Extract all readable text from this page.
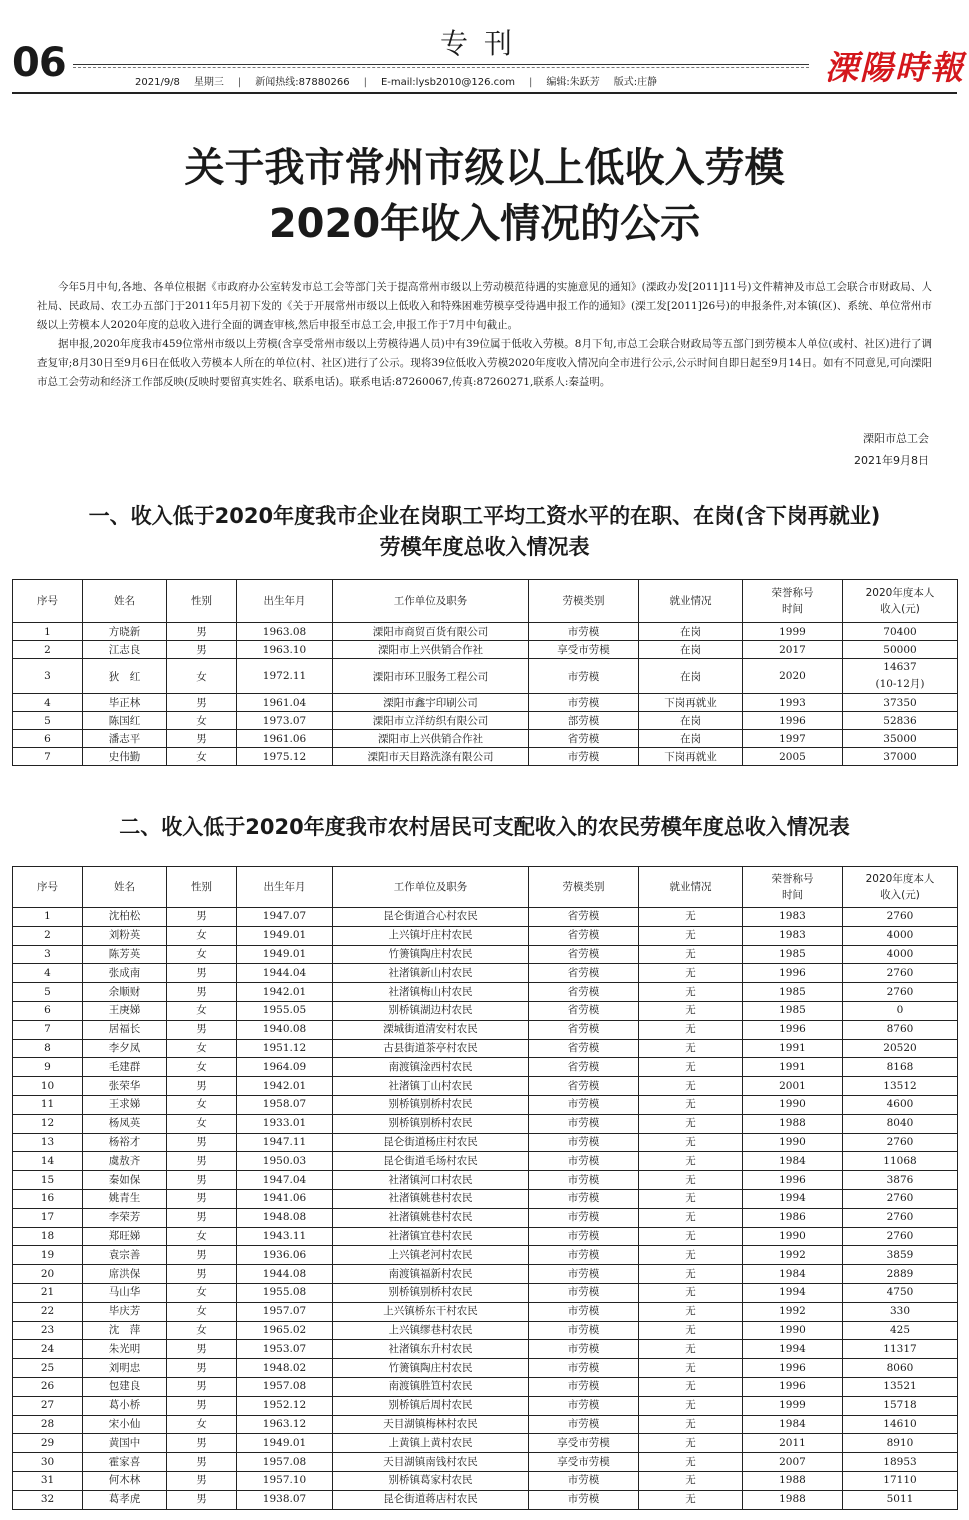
06	专刊
2021/9/8 星期三 | 新闻热线:87880266 | E-mail:lysb2010@126.com | 编辑:朱跃芳 版式:庄静	溧陽時報
关于我市常州市级以上低收入劳模
2020年收入情况的公示

今年5月中旬,各地、各单位根据《市政府办公室转发市总工会等部门关于提高常州市级以上劳动模范待遇的实施意见的通知》(溧政办发[2011]11号)文件精神及市总工会联合市财政局、人社局、民政局、农工办五部门于2011年5月初下发的《关于开展常州市级以上低收入和特殊困难劳模享受待遇申报工作的通知》(溧工发[2011]26号)的申报条件,对本镇(区)、系统、单位常州市级以上劳模本人2020年度的总收入进行全面的调查审核,然后申报至市总工会,申报工作于7月中旬截止。

据申报,2020年度我市459位常州市级以上劳模(含享受常州市级以上劳模待遇人员)中有39位属于低收入劳模。8月下旬,市总工会联合财政局等五部门到劳模本人单位(或村、社区)进行了调查复审;8月30日至9月6日在低收入劳模本人所在的单位(村、社区)进行了公示。现将39位低收入劳模2020年度收入情况向全市进行公示,公示时间自即日起至9月14日。如有不同意见,可向溧阳市总工会劳动和经济工作部反映(反映时要留真实姓名、联系电话)。联系电话:87260067,传真:87260271,联系人:秦益明。

溧阳市总工会
2021年9月8日
一、收入低于2020年度我市企业在岗职工平均工资水平的在职、在岗(含下岗再就业)
劳模年度总收入情况表
序号	姓名	性别	出生年月	工作单位及职务	劳模类别	就业情况	荣誉称号
时间	2020年度本人
收入(元)

1	方晓新	男	1963.08	溧阳市商贸百货有限公司	市劳模	在岗	1999	70400
2	江志良	男	1963.10	溧阳市上兴供销合作社	享受市劳模	在岗	2017	50000
3	狄　红	女	1972.11	溧阳市环卫服务工程公司	市劳模	在岗	2020	14637
(10-12月)

4	毕正林	男	1961.04	溧阳市鑫宇印刷公司	市劳模	下岗再就业	1993	37350
5	陈国红	女	1973.07	溧阳市立洋纺织有限公司	部劳模	在岗	1996	52836
6	潘志平	男	1961.06	溧阳市上兴供销合作社	省劳模	在岗	1997	35000
7	史伟勤	女	1975.12	溧阳市天目路洗涤有限公司	市劳模	下岗再就业	2005	37000
二、收入低于2020年度我市农村居民可支配收入的农民劳模年度总收入情况表
序号	姓名	性别	出生年月	工作单位及职务	劳模类别	就业情况	荣誉称号
时间	2020年度本人
收入(元)

1	沈柏松	男	1947.07	昆仑街道合心村农民	省劳模	无	1983	2760
2	刘粉英	女	1949.01	上兴镇圩庄村农民	省劳模	无	1983	4000
3	陈芳英	女	1949.01	竹箦镇陶庄村农民	省劳模	无	1985	4000
4	张成南	男	1944.04	社渚镇新山村农民	省劳模	无	1996	2760
5	余顺财	男	1942.01	社渚镇梅山村农民	省劳模	无	1985	2760
6	王庚娣	女	1955.05	别桥镇湖边村农民	省劳模	无	1985	0
7	居福长	男	1940.08	溧城街道清安村农民	省劳模	无	1996	8760
8	李夕凤	女	1951.12	古县街道茶亭村农民	省劳模	无	1991	20520
9	毛建群	女	1964.09	南渡镇淦西村农民	省劳模	无	1991	8168
10	张荣华	男	1942.01	社渚镇丁山村农民	省劳模	无	2001	13512
11	王求娣	女	1958.07	别桥镇别桥村农民	市劳模	无	1990	4600
12	杨凤英	女	1933.01	别桥镇别桥村农民	市劳模	无	1988	8040
13	杨裕才	男	1947.11	昆仑街道杨庄村农民	市劳模	无	1990	2760
14	虞敖齐	男	1950.03	昆仑街道毛场村农民	市劳模	无	1984	11068
15	秦如保	男	1947.04	社渚镇河口村农民	市劳模	无	1996	3876
16	姚青生	男	1941.06	社渚镇姚巷村农民	市劳模	无	1994	2760
17	李荣芳	男	1948.08	社渚镇姚巷村农民	市劳模	无	1986	2760
18	郑旺娣	女	1943.11	社渚镇宜巷村农民	市劳模	无	1990	2760
19	袁宗善	男	1936.06	上兴镇老河村农民	市劳模	无	1992	3859
20	席洪保	男	1944.08	南渡镇福新村农民	市劳模	无	1984	2889
21	马山华	女	1955.08	别桥镇别桥村农民	市劳模	无	1994	4750
22	毕庆芳	女	1957.07	上兴镇桥东干村农民	市劳模	无	1992	330
23	沈　萍	女	1965.02	上兴镇缪巷村农民	市劳模	无	1990	425
24	朱光明	男	1953.07	社渚镇东升村农民	市劳模	无	1994	11317
25	刘明忠	男	1948.02	竹箦镇陶庄村农民	市劳模	无	1996	8060
26	包建良	男	1957.08	南渡镇胜笪村农民	市劳模	无	1996	13521
27	葛小桥	男	1952.12	别桥镇后周村农民	市劳模	无	1999	15718
28	宋小仙	女	1963.12	天目湖镇梅林村农民	市劳模	无	1984	14610
29	黄国中	男	1949.01	上黄镇上黄村农民	享受市劳模	无	2011	8910
30	霍家喜	男	1957.08	天目湖镇南钱村农民	享受市劳模	无	2007	18953
31	何木林	男	1957.10	别桥镇葛家村农民	市劳模	无	1988	17110
32	葛孝虎	男	1938.07	昆仑街道蒋店村农民	市劳模	无	1988	5011
